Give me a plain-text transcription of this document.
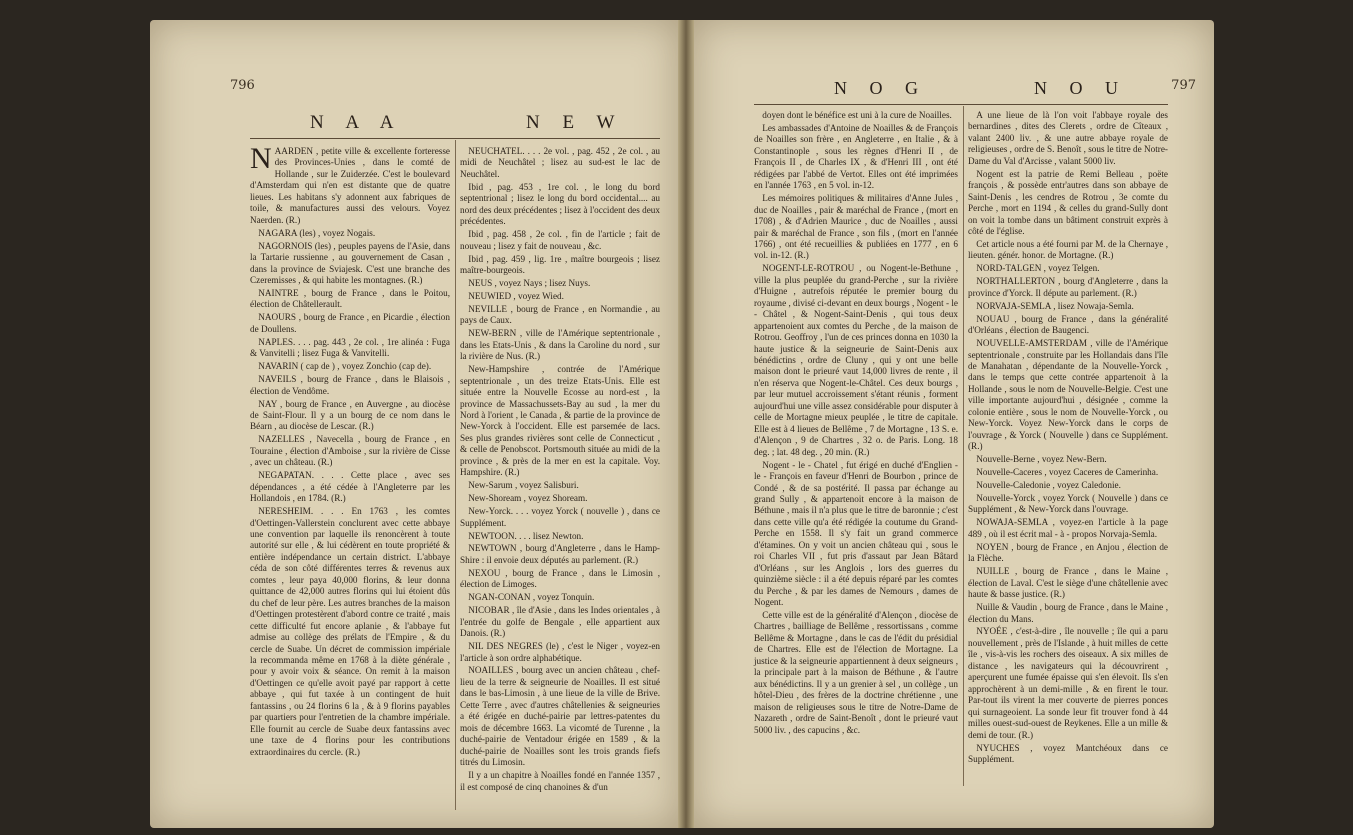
796
N A A	N E W

NAARDEN , petite ville & excellente forteresse des Provinces-Unies , dans le comté de Hollande , sur le Zuiderzée. C'est le boulevard d'Amsterdam qui n'en est distante que de quatre lieues. Les habitans s'y adonnent aux fabriques de toile, & manufactures aussi des velours. Voyez Naerden. (R.)

NAGARA (les) , voyez Nogais.

NAGORNOIS (les) , peuples payens de l'Asie, dans la Tartarie russienne , au gouvernement de Casan , dans la province de Sviajesk. C'est une branche des Czeremisses , & qui habite les montagnes. (R.)

NAINTRE , bourg de France , dans le Poitou, élection de Châtellerault.

NAOURS , bourg de France , en Picardie , élection de Doullens.

NAPLES. . . . pag. 443 , 2e col. , 1re alinéa : Fuga & Vanvitelli ; lisez Fuga & Vanvitelli.

NAVARIN ( cap de ) , voyez Zonchio (cap de).

NAVEILS , bourg de France , dans le Blaisois , élection de Vendôme.

NAY , bourg de France , en Auvergne , au diocèse de Saint-Flour. Il y a un bourg de ce nom dans le Béarn , au diocèse de Lescar. (R.)

NAZELLES , Navecella , bourg de France , en Touraine , élection d'Amboise , sur la rivière de Cisse , avec un château. (R.)

NEGAPATAN. . . . Cette place , avec ses dépendances , a été cédée à l'Angleterre par les Hollandois , en 1784. (R.)

NERESHEIM. . . . En 1763 , les comtes d'Oettingen-Vallerstein conclurent avec cette abbaye une convention par laquelle ils renoncèrent à toute autorité sur elle , & lui cédèrent en toute propriété & entière indépendance un certain district. L'abbaye céda de son côté différentes terres & revenus aux comtes , leur paya 40,000 florins, & leur donna quittance de 42,000 autres florins qui lui étoient dûs du chef de leur père. Les autres branches de la maison d'Oettingen protestèrent d'abord contre ce traité , mais cette difficulté fut encore aplanie , & l'abbaye fut admise au collège des prélats de l'Empire , & du cercle de Suabe. Un décret de commission impériale la recommanda même en 1768 à la diète générale , pour y avoir voix & séance. On remit à la maison d'Oettingen ce qu'elle avoit payé par rapport à cette abbaye , qui fut taxée à un contingent de huit fantassins , ou 24 florins 6 la , & à 9 florins payables par quartiers pour l'entretien de la chambre impériale. Elle fournit au cercle de Suabe deux fantassins avec une taxe de 4 florins pour les contributions extraordinaires du cercle. (R.)

NEUCHATEL. . . . 2e vol. , pag. 452 , 2e col. , au midi de Neuchâtel ; lisez au sud-est le lac de Neuchâtel.

Ibid , pag. 453 , 1re col. , le long du bord septentrional ; lisez le long du bord occidental.... au nord des deux précédentes ; lisez à l'occident des deux précédentes.

Ibid , pag. 458 , 2e col. , fin de l'article ; fait de nouveau ; lisez y fait de nouveau , &c.

Ibid , pag. 459 , lig. 1re , maître bourgeois ; lisez maître-bourgeois.

NEUS , voyez Nays ; lisez Nuys.

NEUWIED , voyez Wied.

NEVILLE , bourg de France , en Normandie , au pays de Caux.

NEW-BERN , ville de l'Amérique septentrionale , dans les Etats-Unis , & dans la Caroline du nord , sur la rivière de Nus. (R.)

New-Hampshire , contrée de l'Amérique septentrionale , un des treize Etats-Unis. Elle est située entre la Nouvelle Ecosse au nord-est , la province de Massachussets-Bay au sud , la mer du Nord à l'orient , le Canada , & partie de la province de New-Yorck à l'occident. Elle est parsemée de lacs. Ses plus grandes rivières sont celle de Connecticut , & celle de Penobscot. Portsmouth située au midi de la province , & près de la mer en est la capitale. Voy. Hampshire. (R.)

New-Sarum , voyez Salisburi.

New-Shoream , voyez Shoream.

New-Yorck. . . . voyez Yorck ( nouvelle ) , dans ce Supplément.

NEWTOON. . . . lisez Newton.

NEWTOWN , bourg d'Angleterre , dans le Hamp-Shire : il envoie deux députés au parlement. (R.)

NEXOU , bourg de France , dans le Limosin , élection de Limoges.

NGAN-CONAN , voyez Tonquin.

NICOBAR , île d'Asie , dans les Indes orientales , à l'entrée du golfe de Bengale , elle appartient aux Danois. (R.)

NIL DES NEGRES (le) , c'est le Niger , voyez-en l'article à son ordre alphabétique.

NOAILLES , bourg avec un ancien château , chef-lieu de la terre & seigneurie de Noailles. Il est situé dans le bas-Limosin , à une lieue de la ville de Brive. Cette Terre , avec d'autres châtellenies & seigneuries a été érigée en duché-pairie par lettres-patentes du mois de décembre 1663. La vicomté de Turenne , la duché-pairie de Ventadour érigée en 1589 , & la duché-pairie de Noailles sont les trois grands fiefs titrés du Limosin.

Il y a un chapitre à Noailles fondé en l'année 1357 , il est composé de cinq chanoines & d'un

N O G	N O U	797

doyen dont le bénéfice est uni à la cure de Noailles.

Les ambassades d'Antoine de Noailles & de François de Noailles son frère , en Angleterre , en Italie , & à Constantinople , sous les règnes d'Henri II , de François II , de Charles IX , & d'Henri III , ont été rédigées par l'abbé de Vertot. Elles ont été imprimées en l'année 1763 , en 5 vol. in-12.

Les mémoires politiques & militaires d'Anne Jules , duc de Noailles , pair & maréchal de France , (mort en 1708) , & d'Adrien Maurice , duc de Noailles , aussi pair & maréchal de France , son fils , (mort en l'année 1766) , ont été recueillies & publiées en 1777 , en 6 vol. in-12. (R.)

NOGENT-LE-ROTROU , ou Nogent-le-Bethune , ville la plus peuplée du grand-Perche , sur la rivière d'Huigne , autrefois réputée le premier bourg du royaume , divisé ci-devant en deux bourgs , Nogent - le - Châtel , & Nogent-Saint-Denis , qui tous deux appartenoient aux comtes du Perche , de la maison de Rotrou. Geoffroy , l'un de ces princes donna en 1030 la haute justice & la seigneurie de Saint-Denis aux bénédictins , ordre de Cluny , qui y ont une belle maison dont le prieuré vaut 14,000 livres de rente , il n'en réserva que Nogent-le-Châtel. Ces deux bourgs , par leur mutuel accroissement s'étant réunis , forment aujourd'hui une ville assez considérable pour disputer à celle de Mortagne mieux peuplée , le titre de capitale. Elle est à 4 lieues de Bellême , 7 de Mortagne , 13 S. e. d'Alençon , 9 de Chartres , 32 o. de Paris. Long. 18 deg. ; lat. 48 deg. , 20 min. (R.)

Nogent - le - Chatel , fut érigé en duché d'Englien - le - François en faveur d'Henri de Bourbon , prince de Condé , & de sa postérité. Il passa par échange au grand Sully , & appartenoit encore à la maison de Béthune , mais il n'a plus que le titre de baronnie ; c'est dans cette ville qu'a été rédigée la coutume du Grand-Perche en 1558. Il s'y fait un grand commerce d'étamines. On y voit un ancien château qui , sous le roi Charles VII , fut pris d'assaut par Jean Bâtard d'Orléans , sur les Anglois , lors des guerres du quinzième siècle : il a été depuis réparé par les comtes du Perche , & par les dames de Nemours , dames de Nogent.

Cette ville est de la généralité d'Alençon , diocèse de Chartres , bailliage de Bellême , ressortissans , comme Bellême & Mortagne , dans le cas de l'édit du présidial de Chartres. Elle est de l'élection de Mortagne. La justice & la seigneurie appartiennent à deux seigneurs , la principale part à la maison de Béthune , & l'autre aux bénédictins. Il y a un grenier à sel , un collège , un hôtel-Dieu , des frères de la doctrine chrétienne , une maison de religieuses sous le titre de Notre-Dame de Nazareth , ordre de Saint-Benoît , dont le prieuré vaut 5000 liv. , des capucins , &c.

A une lieue de là l'on voit l'abbaye royale des bernardines , dites des Clerets , ordre de Cîteaux , valant 2400 liv. , & une autre abbaye royale de religieuses , ordre de S. Benoît , sous le titre de Notre-Dame du Val d'Arcisse , valant 5000 liv.

Nogent est la patrie de Remi Belleau , poëte françois , & possède entr'autres dans son abbaye de Saint-Denis , les cendres de Rotrou , 3e comte du Perche , mort en 1194 , & celles du grand-Sully dont on voit la tombe dans un bâtiment construit exprès à côté de l'église.

Cet article nous a été fourni par M. de la Chernaye , lieuten. génér. honor. de Mortagne. (R.)

NORD-TALGEN , voyez Telgen.

NORTHALLERTON , bourg d'Angleterre , dans la province d'Yorck. Il députe au parlement. (R.)

NORVAJA-SEMLA , lisez Nowaja-Semla.

NOUAU , bourg de France , dans la généralité d'Orléans , élection de Baugenci.

NOUVELLE-AMSTERDAM , ville de l'Amérique septentrionale , construite par les Hollandais dans l'île de Manahatan , dépendante de la Nouvelle-Yorck , dans le temps que cette contrée appartenoit à la Hollande , sous le nom de Nouvelle-Belgie. C'est une ville importante aujourd'hui , désignée , comme la colonie entière , sous le nom de Nouvelle-Yorck , ou New-Yorck. Voyez New-Yorck dans le corps de l'ouvrage , & Yorck ( Nouvelle ) dans ce Supplément. (R.)

Nouvelle-Berne , voyez New-Bern.

Nouvelle-Caceres , voyez Caceres de Camerinha.

Nouvelle-Caledonie , voyez Caledonie.

Nouvelle-Yorck , voyez Yorck ( Nouvelle ) dans ce Supplément , & New-Yorck dans l'ouvrage.

NOWAJA-SEMLA , voyez-en l'article à la page 489 , où il est écrit mal - à - propos Norvaja-Semla.

NOYEN , bourg de France , en Anjou , élection de la Flèche.

NUILLE , bourg de France , dans le Maine , élection de Laval. C'est le siège d'une châtellenie avec haute & basse justice. (R.)

Nuille & Vaudin , bourg de France , dans le Maine , élection du Mans.

NYOÉE , c'est-à-dire , île nouvelle ; île qui a paru nouvellement , près de l'Islande , à huit milles de cette île , vis-à-vis les rochers des oiseaux. A six milles de distance , les navigateurs qui la découvrirent , aperçurent une fumée épaisse qui s'en élevoit. Ils s'en approchèrent à un demi-mille , & en firent le tour. Par-tout ils virent la mer couverte de pierres ponces qui surnageoient. La sonde leur fit trouver fond à 44 milles ouest-sud-ouest de Reykenes. Elle a un mille & demi de tour. (R.)

NYUCHES , voyez Mantchéoux dans ce Supplément.
